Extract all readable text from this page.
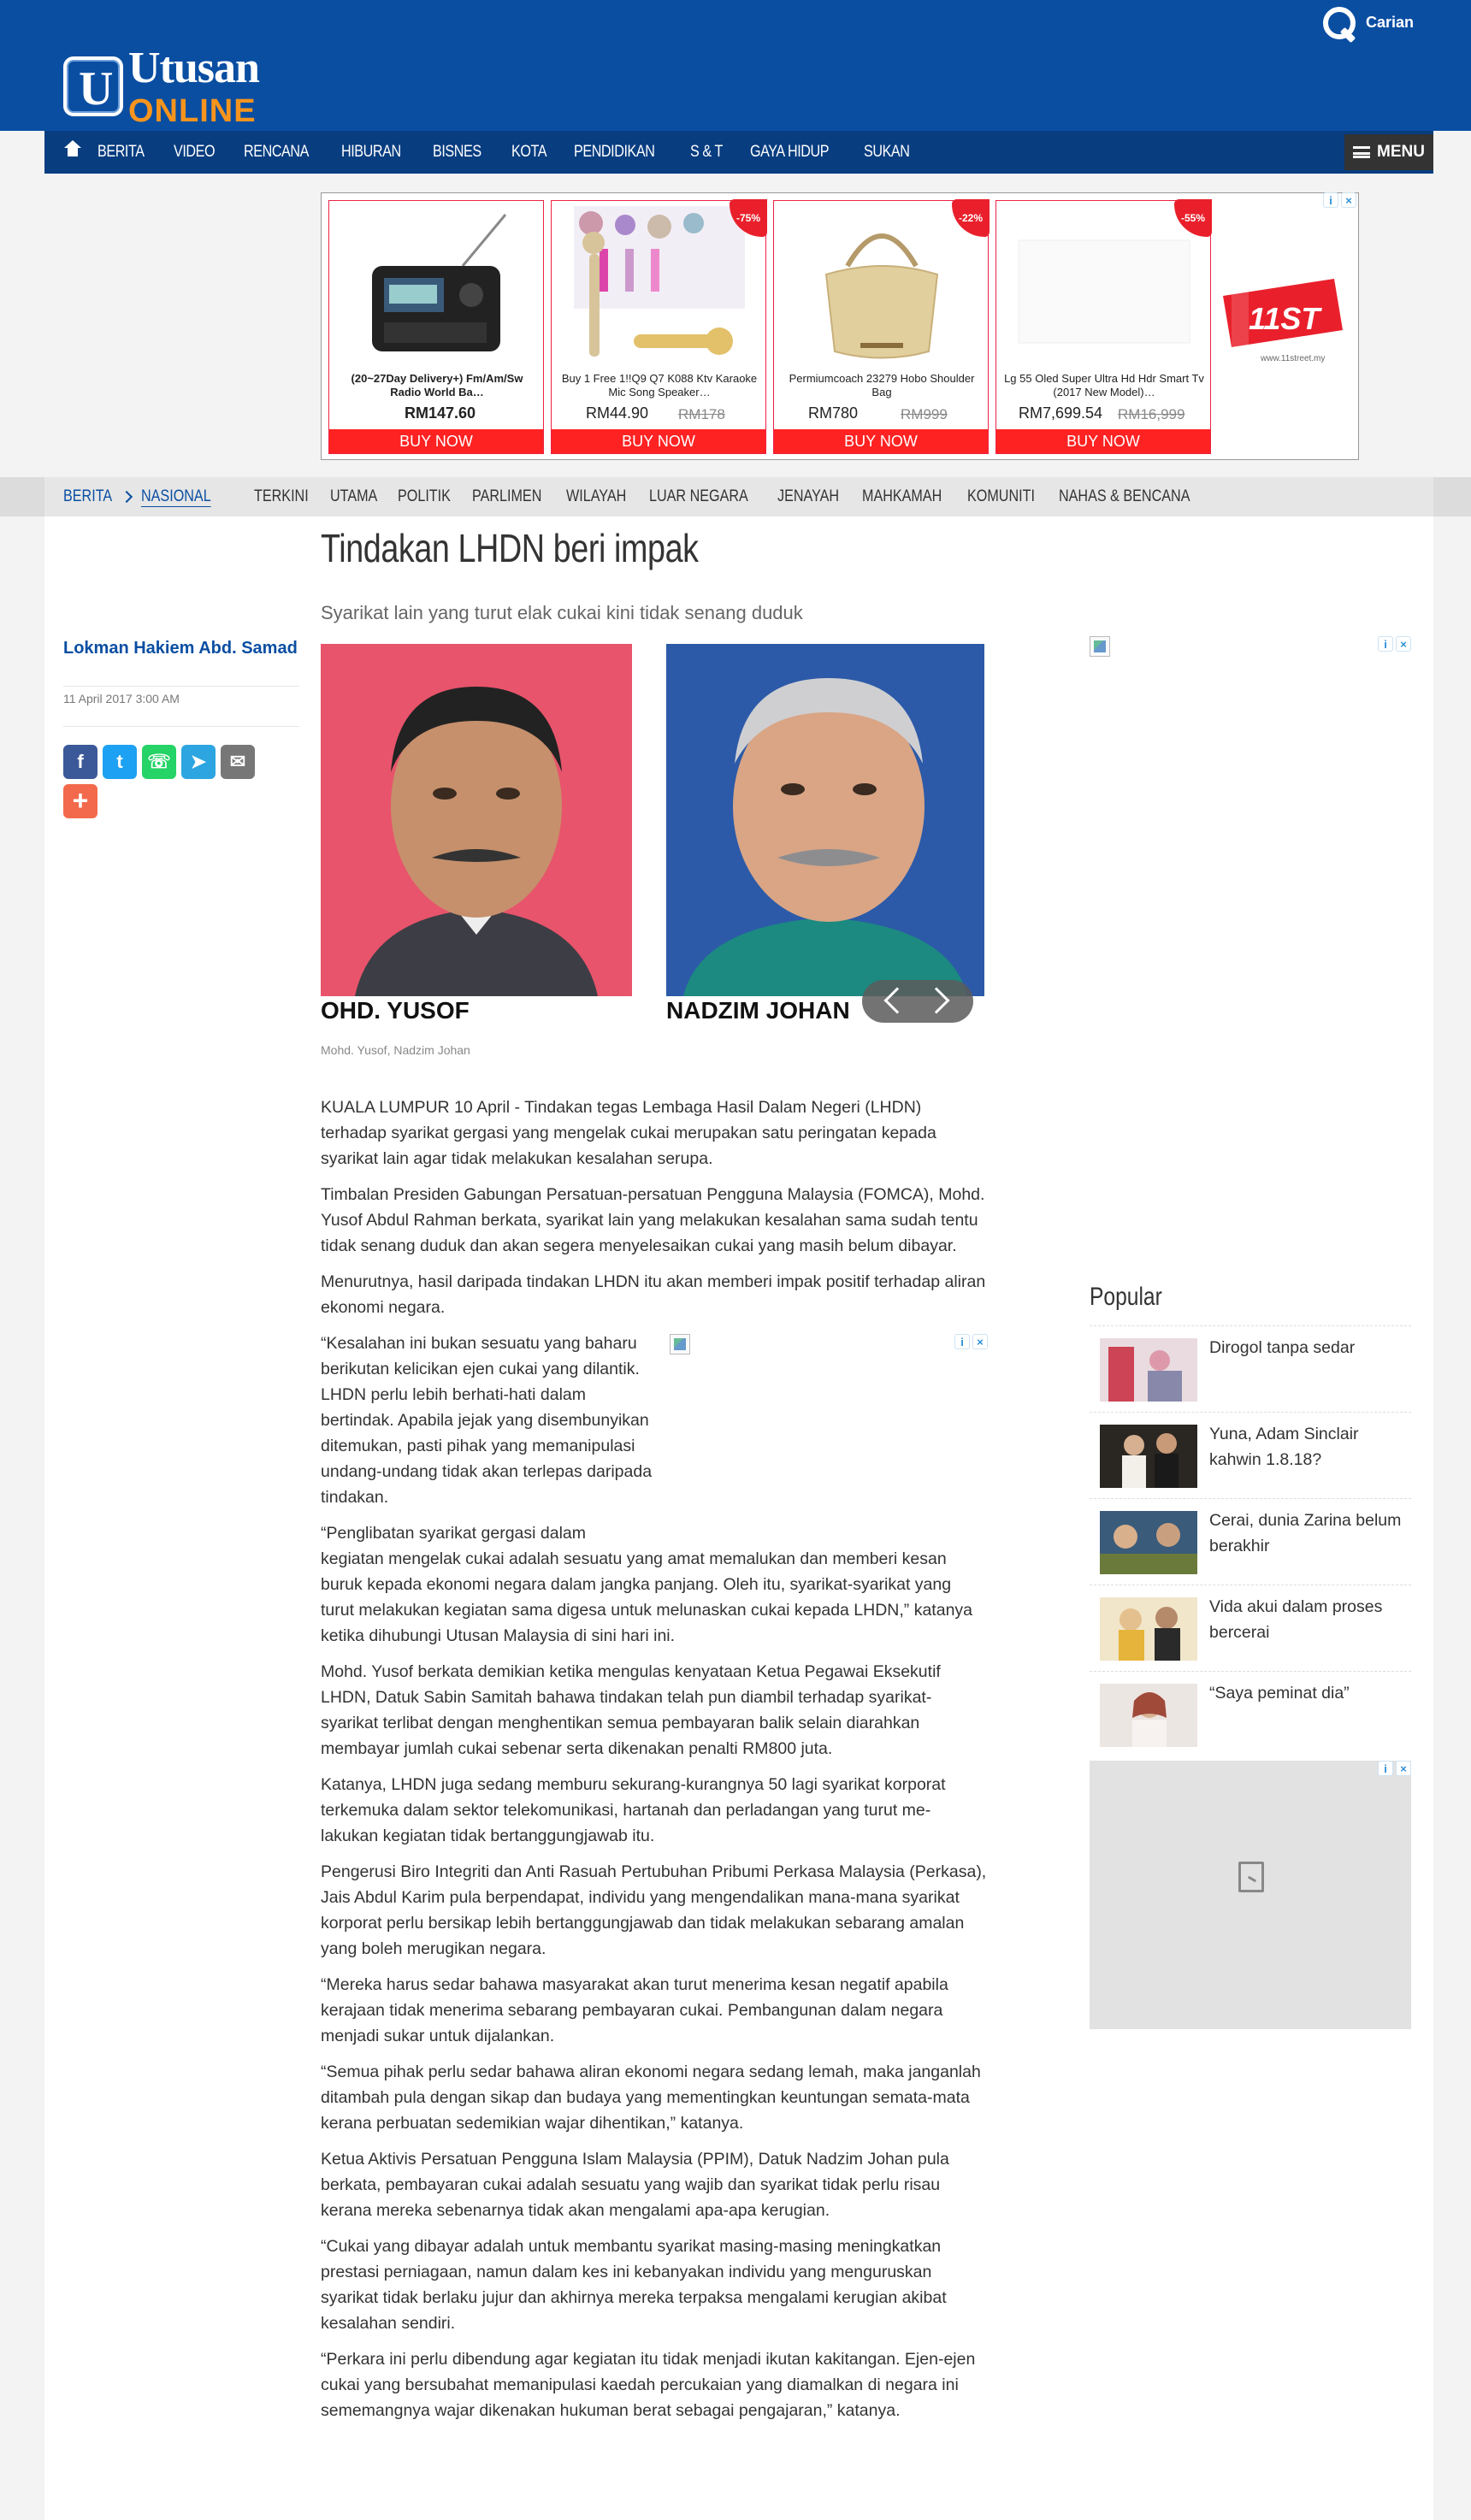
U
Utusan
ONLINE
Carian
BERITA VIDEO RENCANA HIBURAN BISNES KOTA PENDIDIKAN S & T GAYA HIDUP SUKAN	MENU
i	×
(20~27Day Delivery+) Fm/Am/Sw Radio World Ba…
RM147.60
BUY NOW
-75%
Buy 1 Free 1!!Q9 Q7 K088 Ktv Karaoke Mic Song Speaker…
RM44.90 RM178
BUY NOW
-22%
Permiumcoach 23279 Hobo Shoulder Bag
RM780	RM999
BUY NOW
-55%
Lg 55 Oled Super Ultra Hd Hdr Smart Tv (2017 New Model)…
RM7,699.54 RM16,999
BUY NOW
11ST
www.11street.my
BERITA NASIONAL	TERKINI UTAMA POLITIK PARLIMEN WILAYAH LUAR NEGARA JENAYAH MAHKAMAH KOMUNITI NAHAS & BENCANA
Tindakan LHDN beri impak
Syarikat lain yang turut elak cukai kini tidak senang duduk
Lokman Hakiem Abd. Samad
11 April 2017 3:00 AM
f	t	☏	➤	✉
+
OHD. YUSOF	NADZIM JOHAN
Mohd. Yusof, Nadzim Johan

KUALA LUMPUR 10 April - Tindakan tegas Lembaga Hasil Dalam Negeri (LHDN) terhadap syarikat gergasi yang mengelak cukai merupakan satu peringatan kepada syarikat lain agar tidak melakukan kesalahan serupa.

Timbalan Presiden Gabungan Persatuan-persatuan Pengguna Malaysia (FOMCA), Mohd. Yusof Abdul Rahman berkata, syarikat lain yang melakukan kesalahan sama sudah tentu tidak senang duduk dan akan segera menyelesaikan cukai yang masih belum dibayar.

Menurutnya, hasil daripada tindakan LHDN itu akan memberi impak positif terhadap aliran ekonomi negara.

i	×

“Kesalahan ini bukan sesuatu yang baharu berikutan kelicikan ejen cukai yang dilantik. LHDN perlu lebih berhati-hati dalam bertindak. Apabila jejak yang disembunyikan ditemukan, pasti pihak yang memanipulasi undang-undang tidak akan terlepas daripada tindakan.

“Penglibatan syarikat gergasi dalam kegiatan mengelak cukai adalah sesuatu yang amat memalukan dan memberi kesan buruk kepada ekonomi negara dalam jangka panjang. Oleh itu, syarikat-syarikat yang turut melakukan kegiatan sama digesa untuk melunaskan cukai kepada LHDN,” katanya ketika dihubungi Utusan Malaysia di sini hari ini.

Mohd. Yusof berkata demikian ketika mengulas kenyataan Ketua Pegawai Eksekutif LHDN, Datuk Sabin Samitah bahawa tindakan telah pun diambil terhadap syarikat-syarikat terlibat dengan menghentikan semua pembayaran balik selain diarahkan membayar jumlah cukai sebenar serta dikenakan penalti RM800 juta.

Katanya, LHDN juga sedang memburu sekurang-kurangnya 50 lagi syarikat korporat terkemuka dalam sektor telekomunikasi, hartanah dan perladangan yang turut me-lakukan kegiatan tidak bertanggungjawab itu.

Pengerusi Biro Integriti dan Anti Rasuah Pertubuhan Pribumi Perkasa Malaysia (Perkasa), Jais Abdul Karim pula berpendapat, individu yang mengendalikan mana-mana syarikat korporat perlu bersikap lebih bertanggungjawab dan tidak melakukan sebarang amalan yang boleh merugikan negara.

“Mereka harus sedar bahawa masyarakat akan turut menerima kesan negatif apabila kerajaan tidak menerima sebarang pembayaran cukai. Pembangunan dalam negara menjadi sukar untuk dijalankan.

“Semua pihak perlu sedar bahawa aliran ekonomi negara sedang lemah, maka janganlah ditambah pula dengan sikap dan budaya yang mementingkan keuntungan semata-mata kerana perbuatan sedemikian wajar dihentikan,” katanya.

Ketua Aktivis Persatuan Pengguna Islam Malaysia (PPIM), Datuk Nadzim Johan pula berkata, pembayaran cukai adalah sesuatu yang wajib dan syarikat tidak perlu risau kerana mereka sebenarnya tidak akan mengalami apa-apa kerugian.

“Cukai yang dibayar adalah untuk membantu syarikat masing-masing meningkatkan prestasi perniagaan, namun dalam kes ini kebanyakan individu yang menguruskan syarikat tidak berlaku jujur dan akhirnya mereka terpaksa mengalami kerugian akibat kesalahan sendiri.

“Perkara ini perlu dibendung agar kegiatan itu tidak menjadi ikutan kakitangan. Ejen-ejen cukai yang bersubahat memanipulasi kaedah percukaian yang diamalkan di negara ini sememangnya wajar dikenakan hukuman berat sebagai pengajaran,” katanya.

i	×
Popular
Dirogol tanpa sedar
Yuna, Adam Sinclair kahwin 1.8.18?
Cerai, dunia Zarina belum berakhir
Vida akui dalam proses bercerai
“Saya peminat dia”
i	×
